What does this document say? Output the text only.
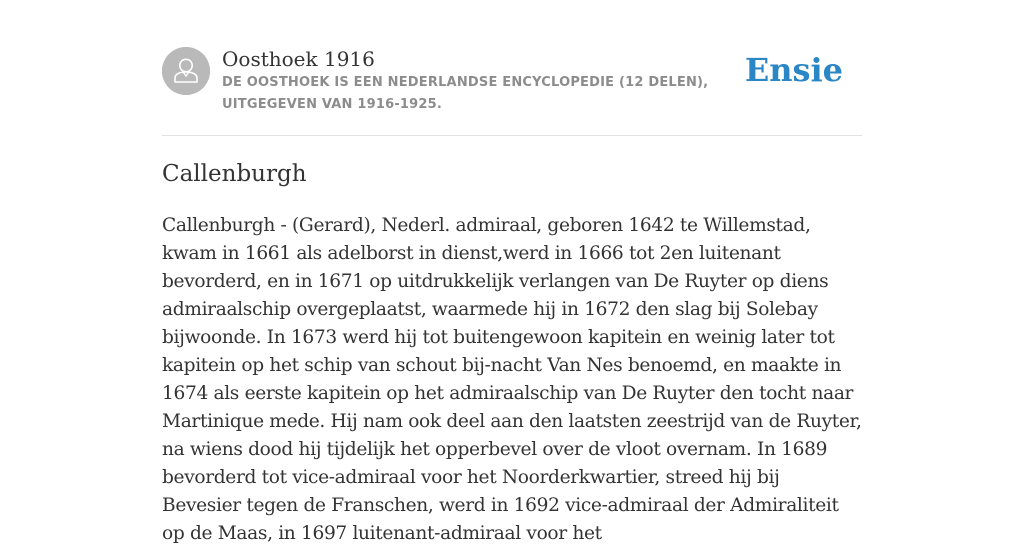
Oosthoek 1916
DE OOSTHOEK IS EEN NEDERLANDSE ENCYCLOPEDIE (12 DELEN), UITGEGEVEN VAN 1916-1925.
Ensie
Callenburgh

Callenburgh - (Gerard), Nederl. admiraal, geboren 1642 te Willemstad, kwam in 1661 als adelborst in dienst,werd in 1666 tot 2en luitenant bevorderd, en in 1671 op uitdrukkelijk verlangen van De Ruyter op diens admiraalschip overgeplaatst, waarmede hij in 1672 den slag bij Solebay bijwoonde. In 1673 werd hij tot buitengewoon kapitein en weinig later tot kapitein op het schip van schout bij-nacht Van Nes benoemd, en maakte in 1674 als eerste kapitein op het admiraalschip van De Ruyter den tocht naar Martinique mede. Hij nam ook deel aan den laatsten zeestrijd van de Ruyter, na wiens dood hij tijdelijk het opperbevel over de vloot overnam. In 1689 bevorderd tot vice-admiraal voor het Noorderkwartier, streed hij bij Bevesier tegen de Franschen, werd in 1692 vice-admiraal der Admiraliteit op de Maas, in 1697 luitenant-admiraal voor het
